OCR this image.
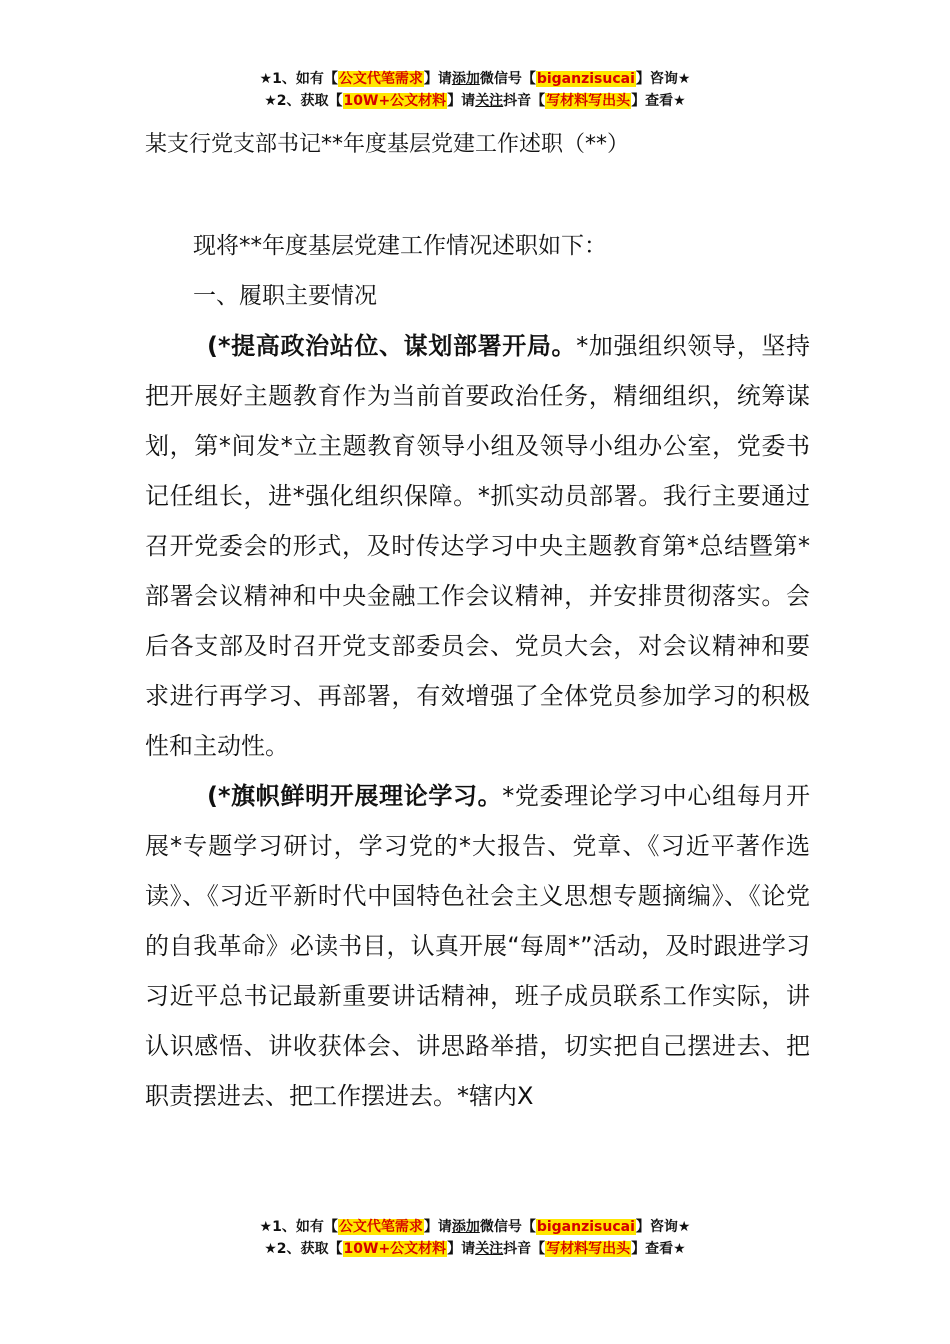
★1、如有【公文代笔需求】请添加微信号【biganzisucai】咨询★
★2、获取【10W+公文材料】请关注抖音【写材料写出头】查看★
某支行党支部书记**年度基层党建工作述职（**）

现将**年度基层党建工作情况述职如下：

一、履职主要情况

(*提高政治站位、谋划部署开局。*加强组织领导，坚持把开展好主题教育作为当前首要政治任务，精细组织，统筹谋划，第*间发*立主题教育领导小组及领导小组办公室，党委书记任组长，进*强化组织保障。*抓实动员部署。我行主要通过召开党委会的形式，及时传达学习中央主题教育第*总结暨第*部署会议精神和中央金融工作会议精神，并安排贯彻落实。会后各支部及时召开党支部委员会、党员大会，对会议精神和要求进行再学习、再部署，有效增强了全体党员参加学习的积极性和主动性。

(*旗帜鲜明开展理论学习。*党委理论学习中心组每月开展*专题学习研讨，学习党的*大报告、党章、《习近平著作选读》、《习近平新时代中国特色社会主义思想专题摘编》、《论党的自我革命》必读书目，认真开展“每周*”活动，及时跟进学习习近平总书记最新重要讲话精神，班子成员联系工作实际，讲认识感悟、讲收获体会、讲思路举措，切实把自己摆进去、把职责摆进去、把工作摆进去。*辖内X

★1、如有【公文代笔需求】请添加微信号【biganzisucai】咨询★
★2、获取【10W+公文材料】请关注抖音【写材料写出头】查看★
